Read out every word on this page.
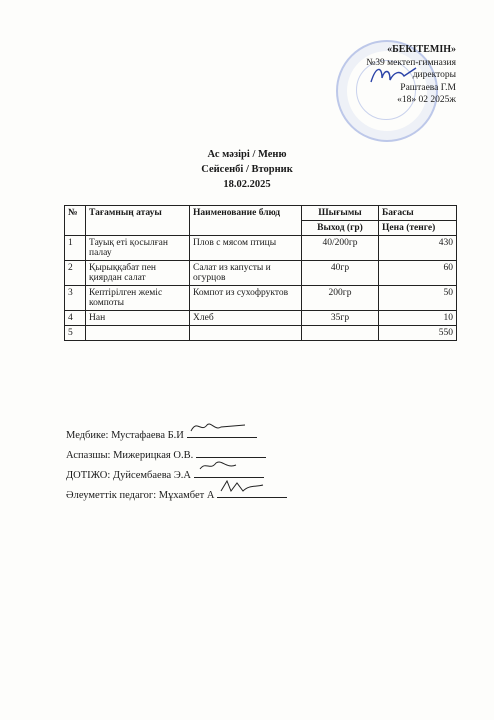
«БЕКІТЕМІН»
№39 мектеп-гимназия
директоры
Раштаева Г.М
«18» 02 2025ж
Ас мәзірі / Меню
Сейсенбі / Вторник
18.02.2025
№	Тағамның атауы	Наименование блюд	Шығымы	Бағасы
			Выход (гр)	Цена (тенге)
1	Тауық еті қосылған палау	Плов с мясом птицы	40/200гр	430
2	Қырыққабат пен қиярдан салат	Салат из капусты и огурцов	40гр	60
3	Кептірілген жеміс компоты	Компот из сухофруктов	200гр	50
4	Нан	Хлеб	35гр	10
5				550
Медбике: Мустафаева Б.И
Аспазшы: Мижерицкая О.В.
ДОТІЖО: Дуйсембаева Э.А
Әлеуметтік педагог: Мұхамбет А
